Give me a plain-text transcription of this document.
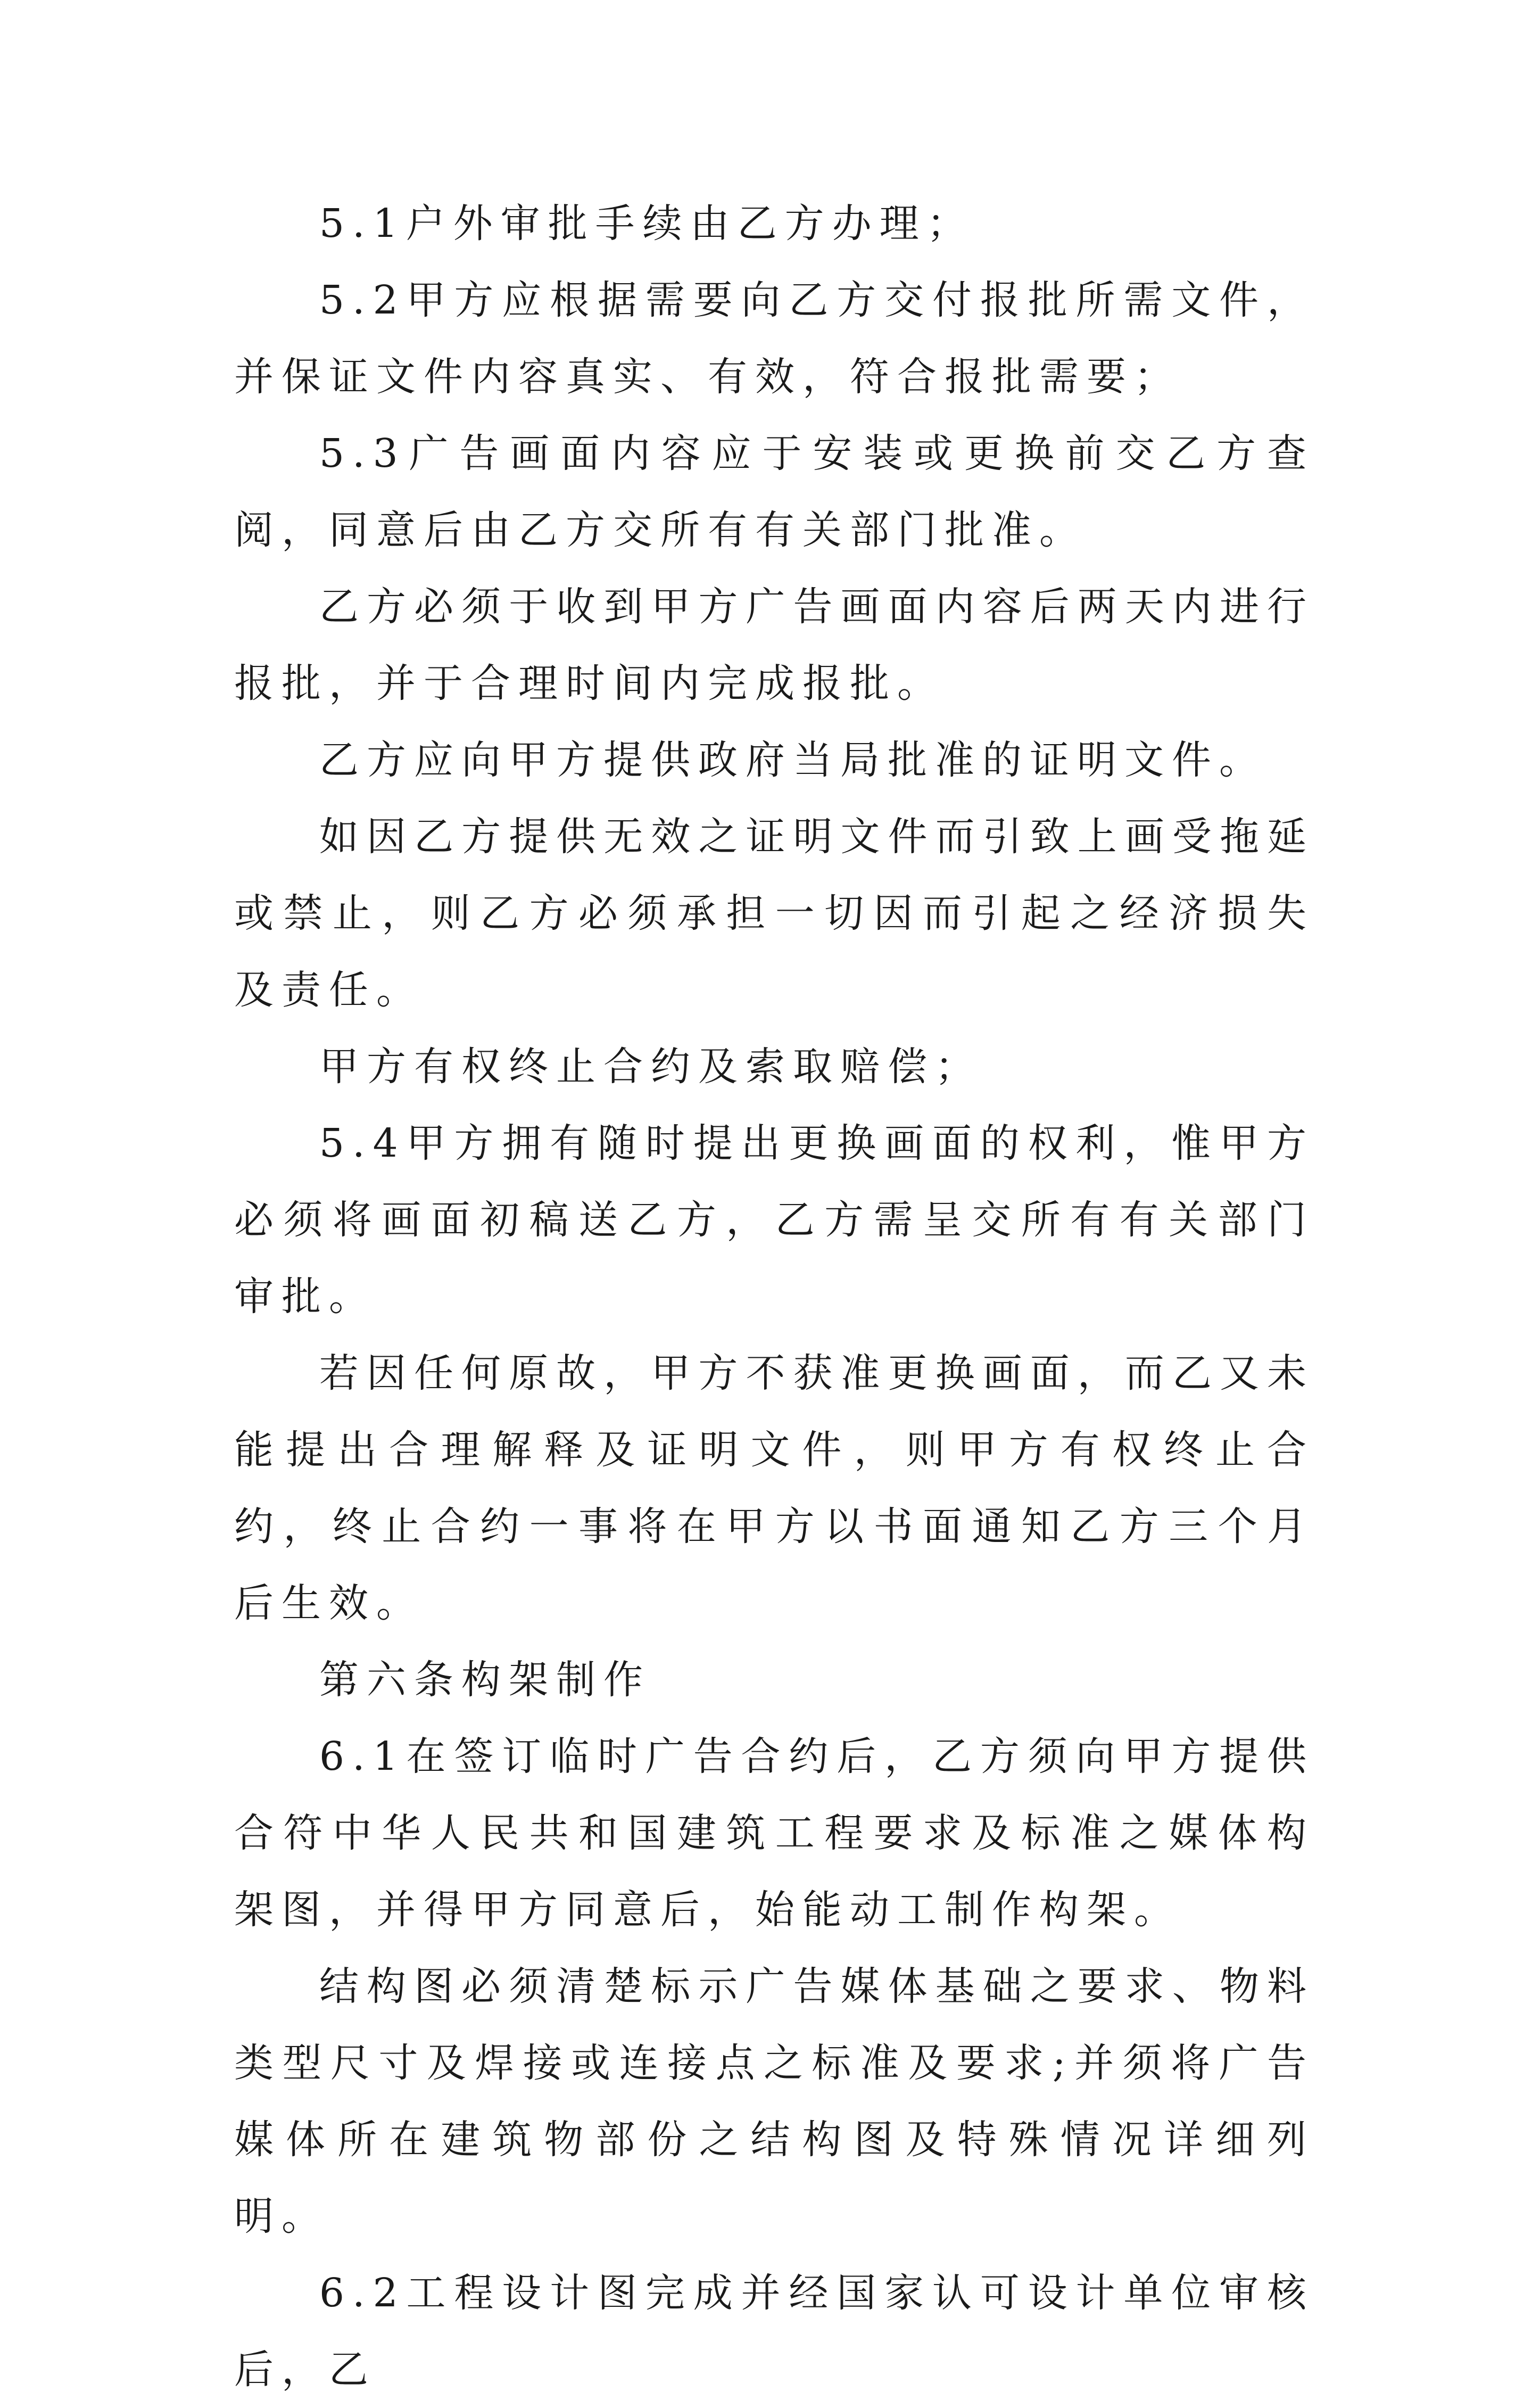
5.1户外审批手续由乙方办理；

5.2甲方应根据需要向乙方交付报批所需文件，并保证文件内容真实、有效，符合报批需要；

5.3广告画面内容应于安装或更换前交乙方查阅，同意后由乙方交所有有关部门批准。

乙方必须于收到甲方广告画面内容后两天内进行报批，并于合理时间内完成报批。

乙方应向甲方提供政府当局批准的证明文件。

如因乙方提供无效之证明文件而引致上画受拖延或禁止，则乙方必须承担一切因而引起之经济损失及责任。

甲方有权终止合约及索取赔偿；

5.4甲方拥有随时提出更换画面的权利，惟甲方必须将画面初稿送乙方，乙方需呈交所有有关部门审批。

若因任何原故，甲方不获准更换画面，而乙又未能提出合理解释及证明文件，则甲方有权终止合约，终止合约一事将在甲方以书面通知乙方三个月后生效。

第六条构架制作

6.1在签订临时广告合约后，乙方须向甲方提供合符中华人民共和国建筑工程要求及标准之媒体构架图，并得甲方同意后，始能动工制作构架。

结构图必须清楚标示广告媒体基础之要求、物料类型尺寸及焊接或连接点之标准及要求;并须将广告媒体所在建筑物部份之结构图及特殊情况详细列明。

6.2工程设计图完成并经国家认可设计单位审核后，乙
